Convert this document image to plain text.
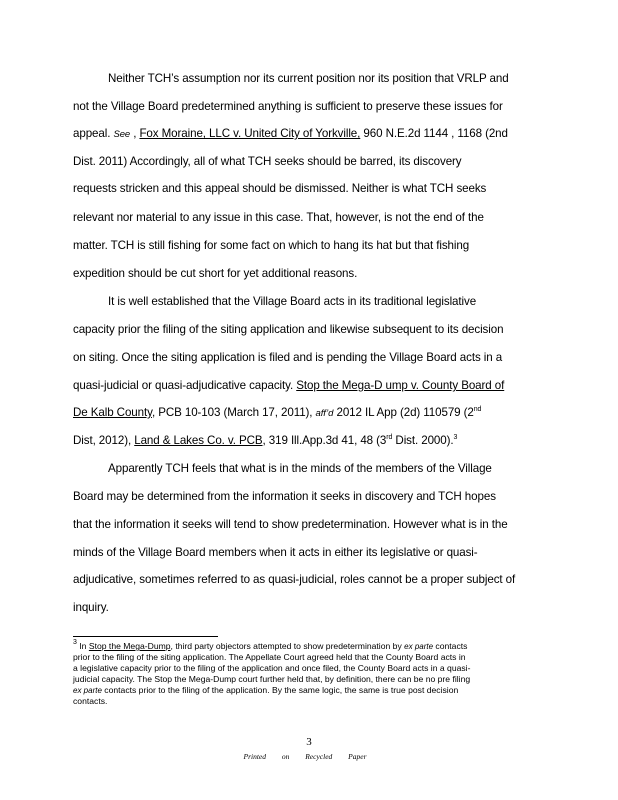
Neither TCH’s assumption nor its current position nor its position that VRLP and
not the Village Board predetermined anything is sufficient to preserve these issues for
appeal. See , Fox Moraine, LLC v. United City of Yorkville, 960 N.E.2d 1144 , 1168 (2nd
Dist. 2011) Accordingly, all of what TCH seeks should be barred, its discovery
requests stricken and this appeal should be dismissed. Neither is what TCH seeks
relevant nor material to any issue in this case. That, however, is not the end of the
matter. TCH is still fishing for some fact on which to hang its hat but that fishing
expedition should be cut short for yet additional reasons.
It is well established that the Village Board acts in its traditional legislative
capacity prior the filing of the siting application and likewise subsequent to its decision
on siting. Once the siting application is filed and is pending the Village Board acts in a
quasi-judicial or quasi-adjudicative capacity. Stop the Mega-D ump v. County Board of
De Kalb County, PCB 10-103 (March 17, 2011), aff’d 2012 IL App (2d) 110579 (2nd
Dist, 2012), Land & Lakes Co. v. PCB, 319 Ill.App.3d 41, 48 (3rd Dist. 2000).$^3$
Apparently TCH feels that what is in the minds of the members of the Village
Board may be determined from the information it seeks in discovery and TCH hopes
that the information it seeks will tend to show predetermination. However what is in the
minds of the Village Board members when it acts in either its legislative or quasi-
adjudicative, sometimes referred to as quasi-judicial, roles cannot be a proper subject of
inquiry.
$^3$ In Stop the Mega-Dump, third party objectors attempted to show predetermination by ex parte contacts
prior to the filing of the siting application. The Appellate Court agreed held that the County Board acts in
a legislative capacity prior to the filing of the application and once filed, the County Board acts in a quasi-
judicial capacity. The Stop the Mega-Dump court further held that, by definition, there can be no pre filing
ex parte contacts prior to the filing of the application. By the same logic, the same is true post decision
contacts.
3
Printed on Recycled Paper
